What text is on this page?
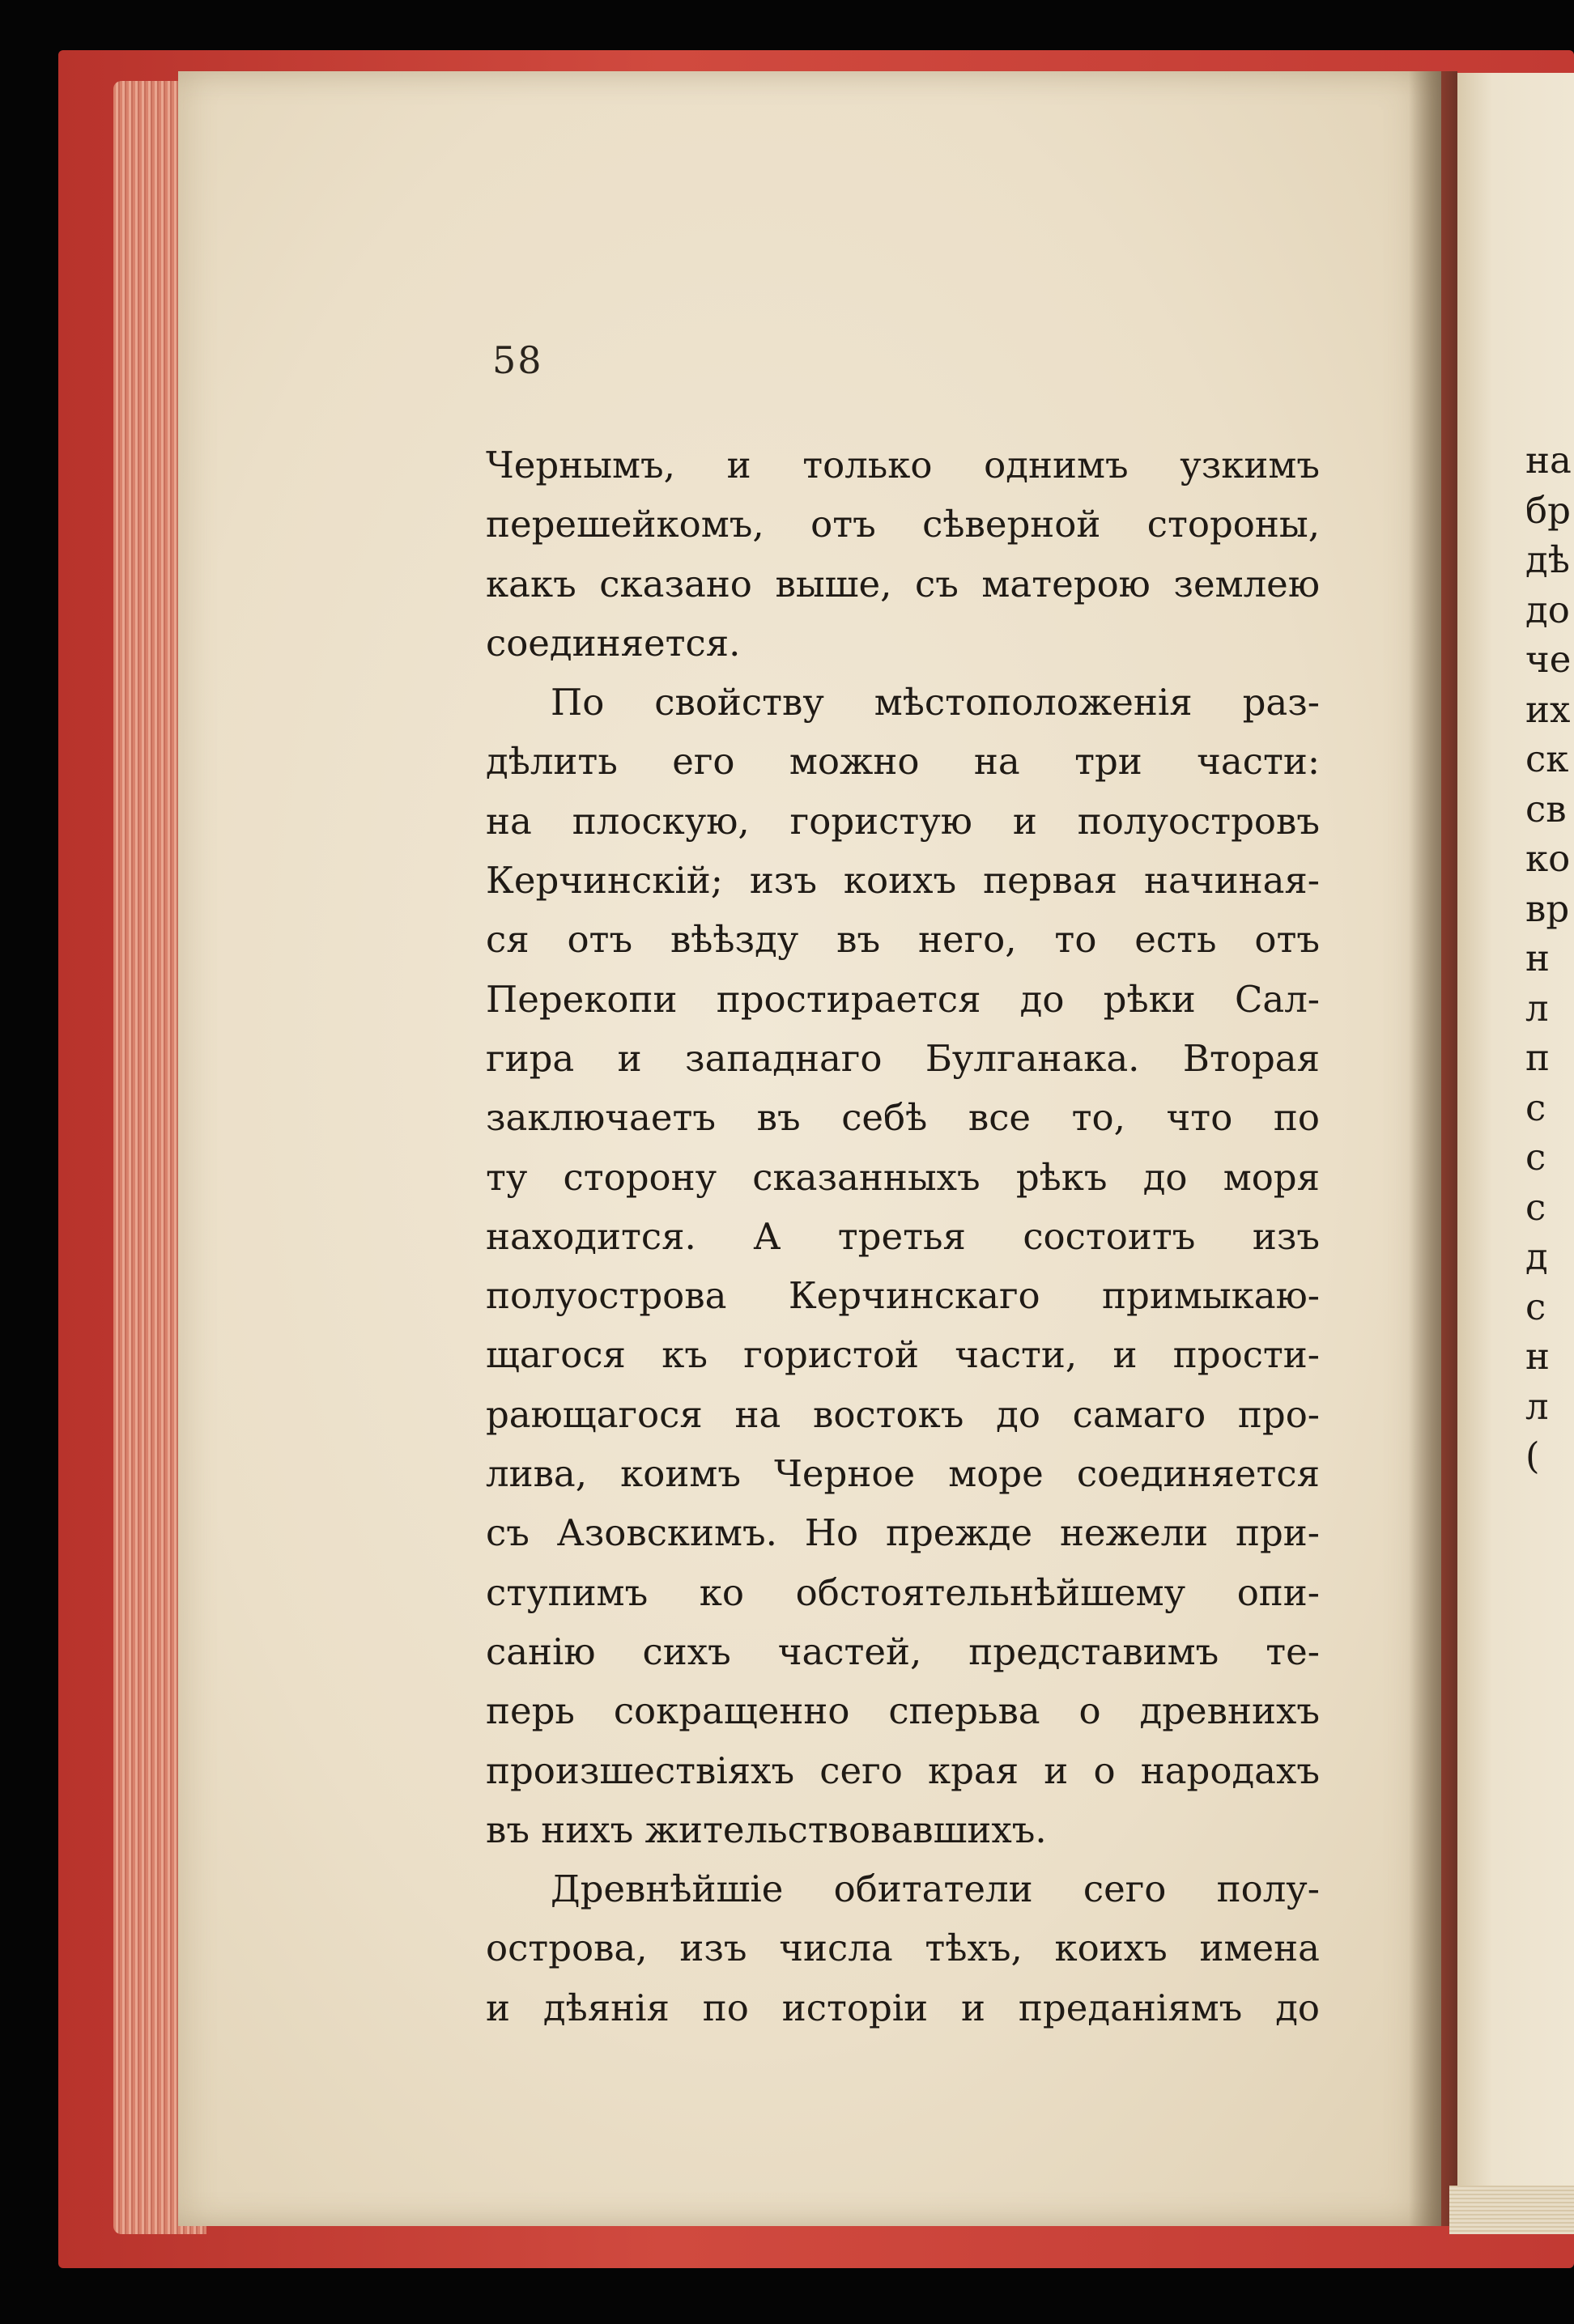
58
Чернымъ, и только однимъ узкимъ
перешейкомъ, отъ сѣверной стороны,
какъ сказано выше, съ матерою землею
соединяется.
По свойству мѣстоположенія раз-
дѣлить его можно на три части:
на плоскую, гористую и полуостровъ
Керчинскій; изъ коихъ первая начиная-
ся отъ вѣѣзду въ него, то есть отъ
Перекопи простирается до рѣки Сал-
гира и западнаго Булганака. Вторая
заключаетъ въ себѣ все то, что по
ту сторону сказанныхъ рѣкъ до моря
находится. А третья состоитъ изъ
полуострова Керчинскаго примыкаю-
щагося къ гористой части, и прости-
рающагося на востокъ до самаго про-
лива, коимъ Черное море соединяется
съ Азовскимъ. Но прежде нежели при-
ступимъ ко обстоятельнѣйшему опи-
санію сихъ частей, представимъ те-
перь сокращенно сперьва о древнихъ
произшествіяхъ сего края и о народахъ
въ нихъ жительствовавшихъ.
Древнѣйшіе обитатели сего полу-
острова, изъ числа тѣхъ, коихъ имена
и дѣянія по исторіи и преданіямъ до
на
бр
дѣ
до
че
их
ск
св
ко
вр
н
л
п
с
с
с
д
с
н
л
(
